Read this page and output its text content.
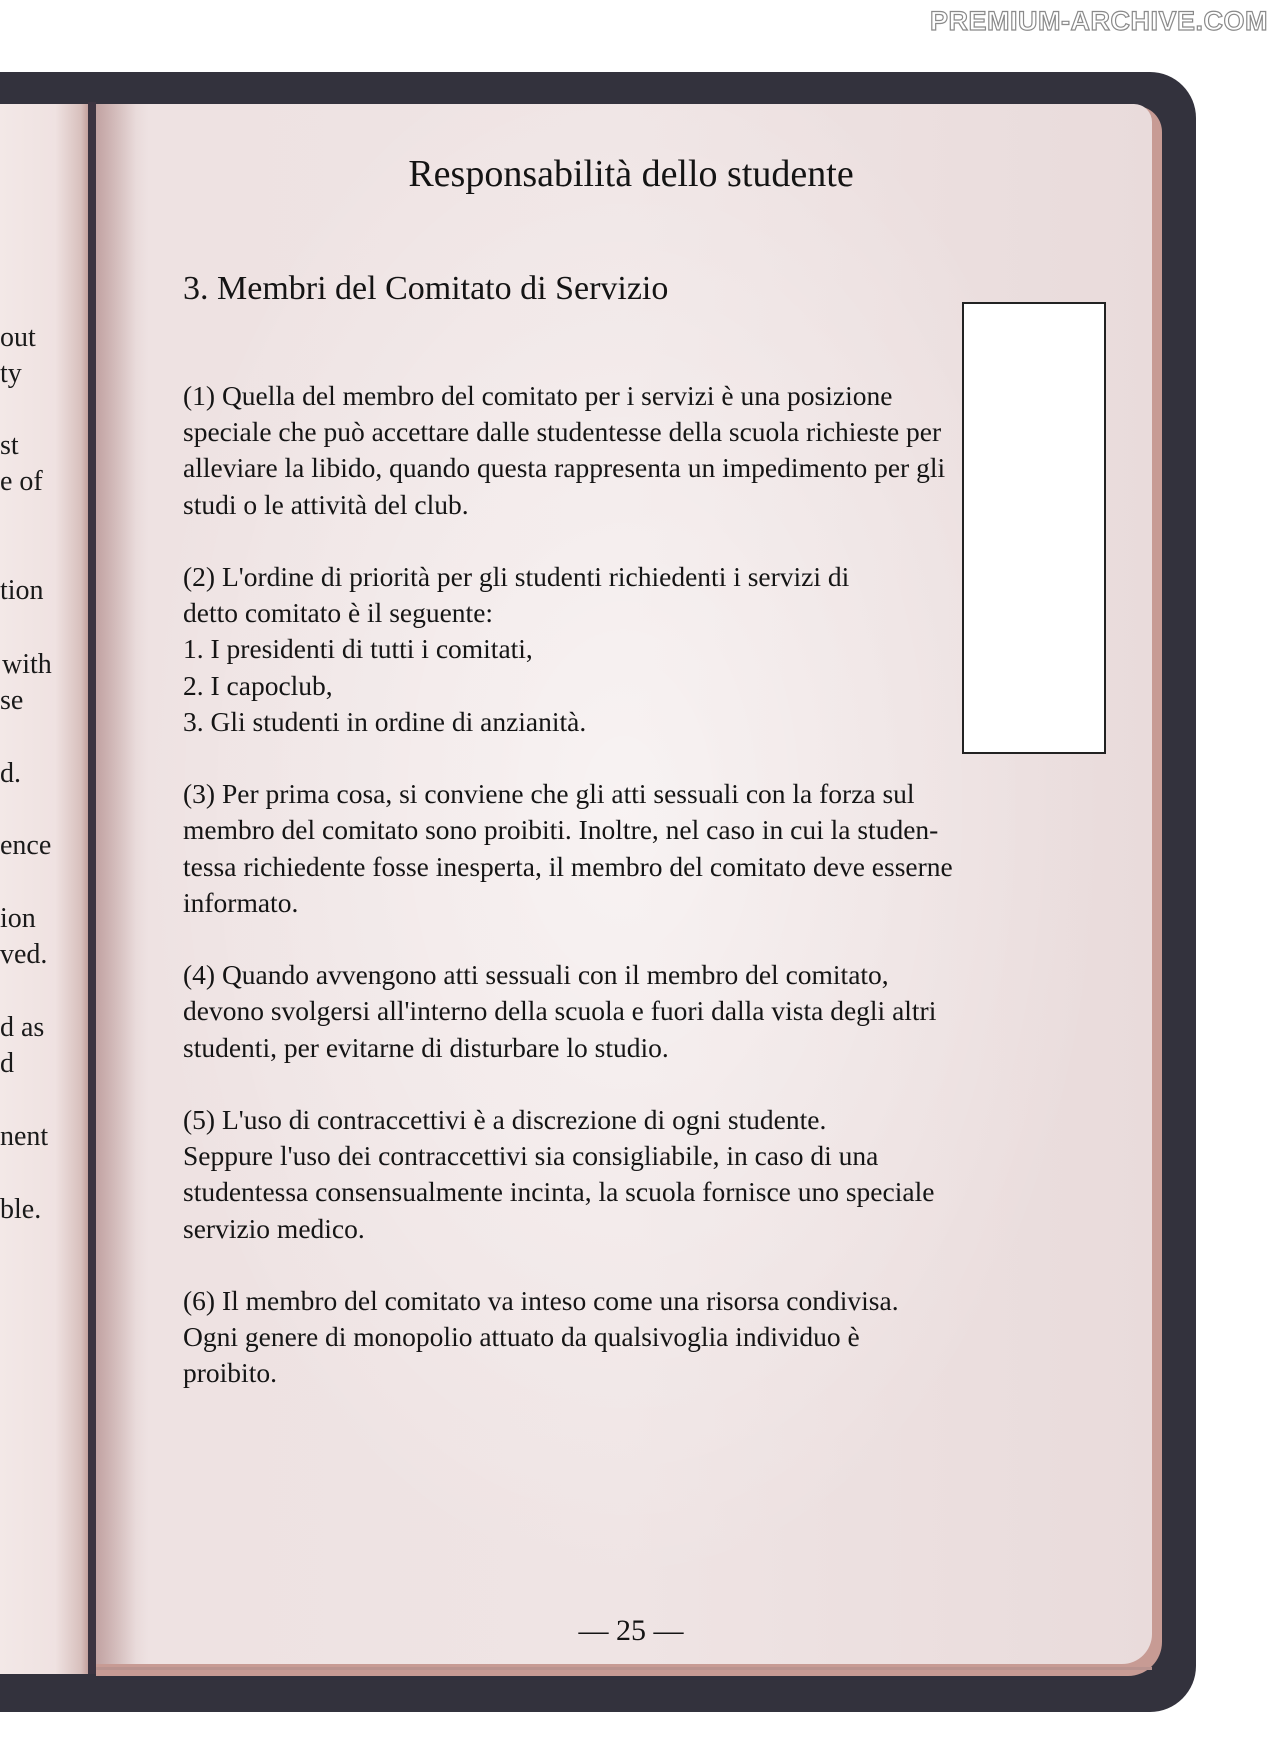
PREMIUM-ARCHIVE.COM
out
ty
st
e of
tion
with
se
d.
ence
ion
ved.
d as
d
nent
ble.
Responsabilità dello studente
3. Membri del Comitato di Servizio

(1) Quella del membro del comitato per i servizi è una posizione
speciale che può accettare dalle studentesse della scuola richieste per
alleviare la libido, quando questa rappresenta un impedimento per gli
studi o le attività del club.

(2) L'ordine di priorità per gli studenti richiedenti i servizi di
detto comitato è il seguente:
1. I presidenti di tutti i comitati,
2. I capoclub,
3. Gli studenti in ordine di anzianità.

(3) Per prima cosa, si conviene che gli atti sessuali con la forza sul
membro del comitato sono proibiti. Inoltre, nel caso in cui la studen-
tessa richiedente fosse inesperta, il membro del comitato deve esserne
informato.

(4) Quando avvengono atti sessuali con il membro del comitato,
devono svolgersi all'interno della scuola e fuori dalla vista degli altri
studenti, per evitarne di disturbare lo studio.

(5) L'uso di contraccettivi è a discrezione di ogni studente.
Seppure l'uso dei contraccettivi sia consigliabile, in caso di una
studentessa consensualmente incinta, la scuola fornisce uno speciale
servizio medico.

(6) Il membro del comitato va inteso come una risorsa condivisa.
Ogni genere di monopolio attuato da qualsivoglia individuo è
proibito.

— 25 —
